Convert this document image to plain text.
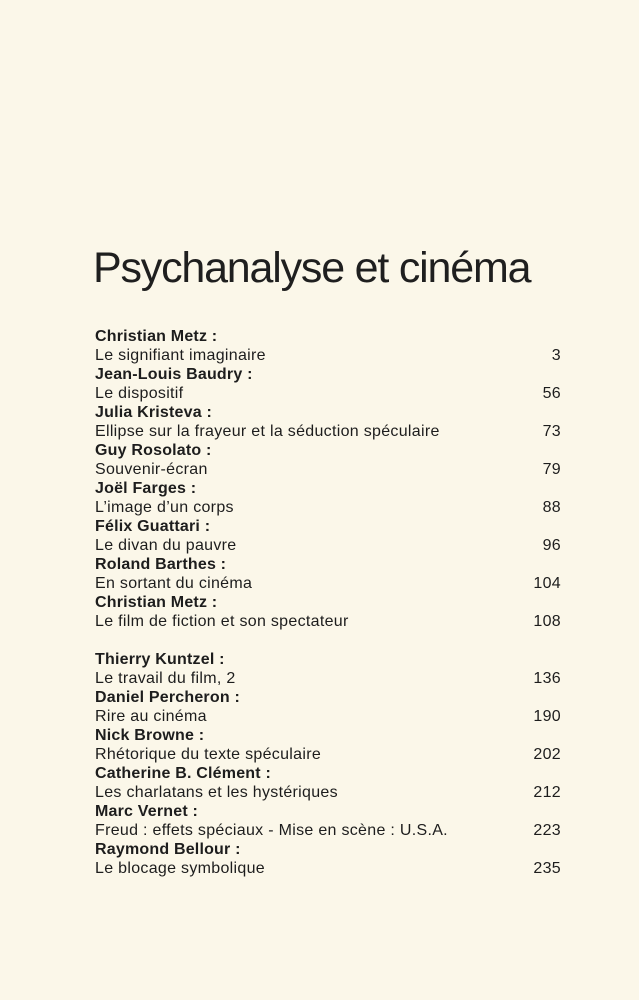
Psychanalyse et cinéma
Christian Metz :
Le signifiant imaginaire	3
Jean-Louis Baudry :
Le dispositif	56
Julia Kristeva :
Ellipse sur la frayeur et la séduction spéculaire	73
Guy Rosolato :
Souvenir-écran	79
Joël Farges :
L’image d’un corps	88
Félix Guattari :
Le divan du pauvre	96
Roland Barthes :
En sortant du cinéma	104
Christian Metz :
Le film de fiction et son spectateur	108
Thierry Kuntzel :
Le travail du film, 2	136
Daniel Percheron :
Rire au cinéma	190
Nick Browne :
Rhétorique du texte spéculaire	202
Catherine B. Clément :
Les charlatans et les hystériques	212
Marc Vernet :
Freud : effets spéciaux - Mise en scène : U.S.A.	223
Raymond Bellour :
Le blocage symbolique	235
